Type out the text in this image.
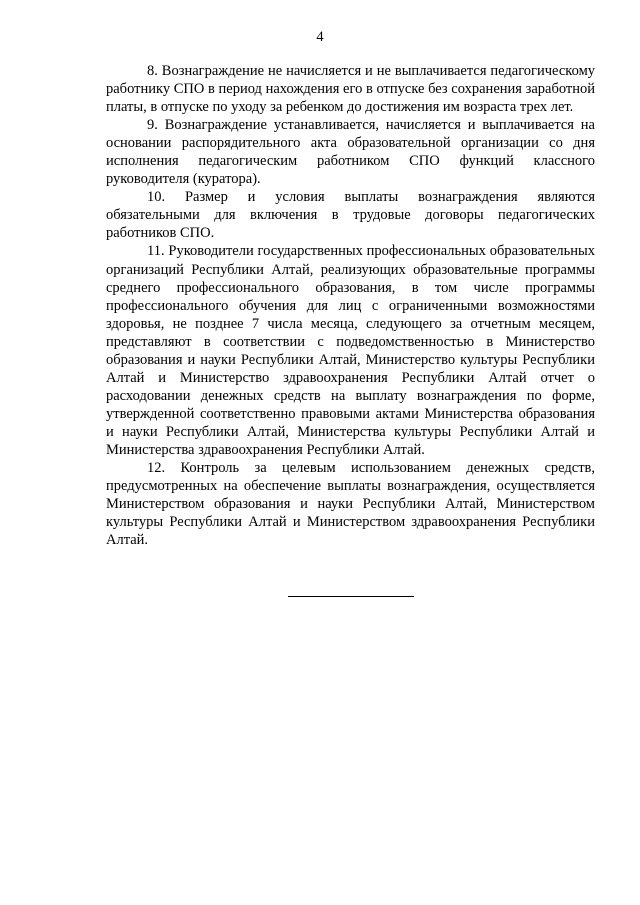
4

8. Вознаграждение не начисляется и не выплачивается педагогическому работнику СПО в период нахождения его в отпуске без сохранения заработной платы, в отпуске по уходу за ребенком до достижения им возраста трех лет.

9. Вознаграждение устанавливается, начисляется и выплачивается на основании распорядительного акта образовательной организации со дня исполнения педагогическим работником СПО функций классного руководителя (куратора).

10. Размер и условия выплаты вознаграждения являются обязательными для включения в трудовые договоры педагогических работников СПО.

11. Руководители государственных профессиональных образовательных организаций Республики Алтай, реализующих образовательные программы среднего профессионального образования, в том числе программы профессионального обучения для лиц с ограниченными возможностями здоровья, не позднее 7 числа месяца, следующего за отчетным месяцем, представляют в соответствии с подведомственностью в Министерство образования и науки Республики Алтай, Министерство культуры Республики Алтай и Министерство здравоохранения Республики Алтай отчет о расходовании денежных средств на выплату вознаграждения по форме, утвержденной соответственно правовыми актами Министерства образования и науки Республики Алтай, Министерства культуры Республики Алтай и Министерства здравоохранения Республики Алтай.

12. Контроль за целевым использованием денежных средств, предусмотренных на обеспечение выплаты вознаграждения, осуществляется Министерством образования и науки Республики Алтай, Министерством культуры Республики Алтай и Министерством здравоохранения Республики Алтай.
